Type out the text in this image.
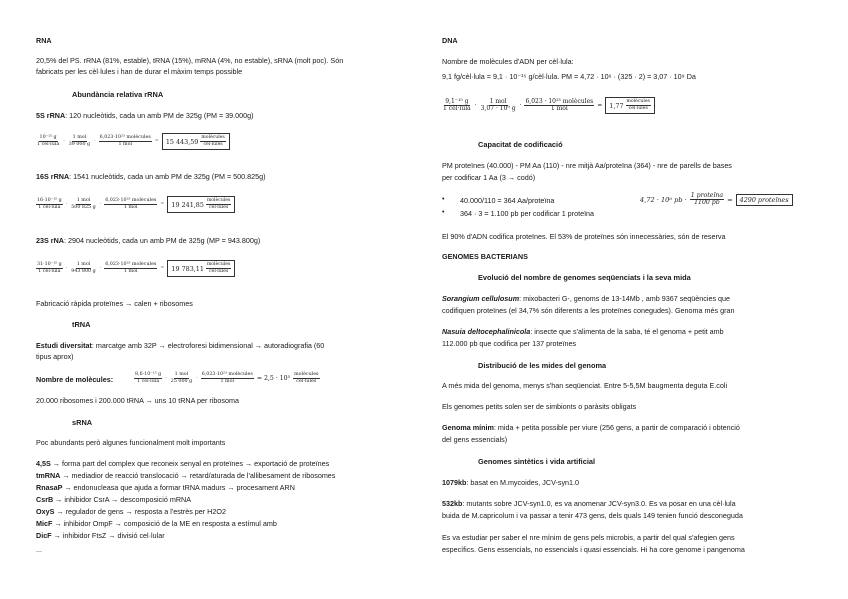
RNA
20,5% del PS. rRNA (81%, estable), tRNA (15%), mRNA (4%, no estable), sRNA (molt poc). Són
fabricats per les cèl·lules i han de durar el màxim temps possible
Abundància relativa rRNA
5S rRNA: 120 nucleòtids, cada un amb PM de 325g (PM = 39.000g)
$\frac{\text{10⁻¹⁵ g}}{\text{1 cèl·lula}} \cdot \frac{\text{1 mol}}{39 000 g} \cdot \frac{\text{6,023·10²³ molècules}}{\text{1 mol}} = 15$ $443,59 \frac{\text{molècules}}{\text{cèl·lules}}$
16S rRNA: 1541 nucleòtids, cada un amb PM de 325g (PM = 500.825g)
$\frac{\text{16·10⁻¹⁵ g}}{\text{1 cèl·lula}} \cdot \frac{\text{1 mol}}{500 825 g} \cdot \frac{\text{6,023·10²³ molècules}}{\text{1 mol}} = 19$ $241,85 \frac{\text{molècules}}{\text{cèl·lules}}$
23S rNA: 2904 nucleòtids, cada un amb PM de 325g (MP = 943.800g)
$\frac{\text{31·10⁻¹⁵ g}}{\text{1 cèl·lula}} \cdot \frac{\text{1 mol}}{943 800 g} \cdot \frac{\text{6,023·10²³ molècules}}{\text{1 mol}} = 19$ $783,11 \frac{\text{molècules}}{\text{cèl·lules}}$
Fabricació ràpida proteïnes → calen + ribosomes
tRNA
Estudi diversitat: marcatge amb 32P → electroforesi bidimensional → autoradiografia (60
tipus aprox)
Nombre de molècules:	$\frac{\text{8,6·10⁻¹⁵ g}}{\text{1 cèl·lula}} \cdot \frac{\text{1 mol}}{25 000 g} \cdot \frac{\text{6,023·10²³ molècules}}{\text{1 mol}} = 2,5 \cdot 10^5 \frac{\text{molècules}}{\text{cèl·lules}}$
20.000 ribosomes i 200.000 tRNA → uns 10 tRNA per ribosoma
sRNA
Poc abundants però algunes funcionalment molt importants
4,5S → forma part del complex que reconeix senyal en proteïnes → exportació de proteïnes
tmRNA → mediadior de reacció translocació → retard/aturada de l'allibesament de ribosomes
RnasaP → endonucleasa que ajuda a formar tRNA madurs → procesament ARN
CsrB → inhibidor CsrA → descomposició mRNA
OxyS → regulador de gens → resposta a l'estrès per H2O2
MicF → inhibidor OmpF → composició de la ME en resposta a estímul amb
DicF → inhibidor FtsZ → divisió cel·lular
...
DNA
Nombre de molècules d'ADN per cèl·lula:
9,1 fg/cèl·lula = 9,1 · 10⁻¹⁵ g/cèl·lula. PM = 4,72 · 10⁶ · (325 · 2) = 3,07 · 10⁹ Da
$\frac{\text{9,1⁻¹⁵ g}}{\text{1 cèl·lula}} \cdot \frac{\text{1 mol}}{\text{3,07 · 10⁹ g}} \cdot \frac{\text{6,023 · 10²³ molècules}}{\text{1 mol}} = 1,77 \frac{\text{molècules}}{\text{cèl·lules}}$
Capacitat de codificació
PM proteïnes (40.000) - PM Aa (110) - nre mitjà Aa/proteïna (364) - nre de parells de bases
per codificar 1 Aa (3 → codó)
• 40.000/110 = 364 Aa/proteïna
• 364 · 3 = 1.100 pb per codificar 1 proteïna
4,72 · 10⁶ pb · $\frac{\text{1 proteïna}}{1100 pb} = 4290$ proteïnes
El 90% d'ADN codifica proteïnes. El 53% de proteïnes són innecessàries, són de reserva
GENOMES BACTERIANS
Evolució del nombre de genomes seqüenciats i la seva mida
Sorangium cellulosum: mixobacteri G-, genoms de 13-14Mb , amb 9367 seqüències que
codifiquen proteïnes (el 34,7% són diferents a les proteïnes conegudes). Genoma més gran
Nasuia deltocephalinicola: insecte que s'alimenta de la saba, té el genoma + petit amb
112.000 pb que codifica per 137 proteïnes
Distribució de les mides del genoma
A més mida del genoma, menys s'han seqüenciat. Entre 5-5,5M baugmenta deguta E.coli
Els genomes petits solen ser de simbionts o paràsits obligats
Genoma mínim: mida + petita possible per viure (256 gens, a partir de comparació i obtenció
del gens essencials)
Genomes sintètics i vida artificial
1079kb: basat en M.mycoides, JCV-syn1.0
532kb: mutants sobre JCV-syn1.0, es va anomenar JCV-syn3.0. Es va posar en una cèl·lula
buida de M.capricolum i va passar a tenir 473 gens, dels quals 149 tenien funció desconeguda
Es va estudiar per saber el nre mínim de gens pels microbis, a partir del qual s'afegien gens
específics. Gens essencials, no essencials i quasi essencials. Hi ha core genome i pangenoma
